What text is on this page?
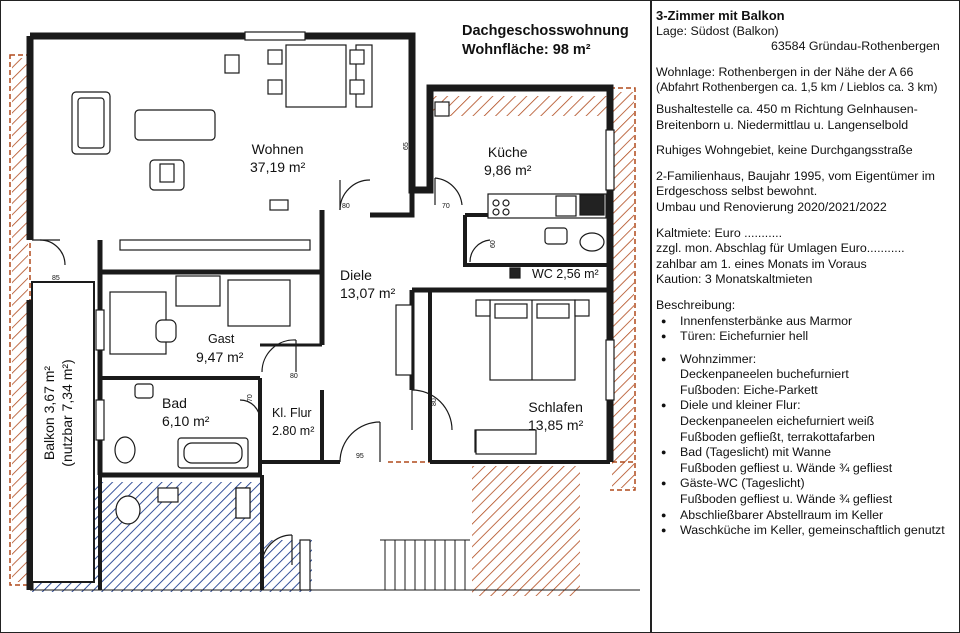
65
80	70
60
85
80
70
80
95
Dachgeschosswohnung
Wohnfläche: 98 m²
Wohnen
37,19 m²
Küche
9,86 m²
Diele
13,07 m²
WC 2,56 m²
Gast
9,47 m²
Bad
6,10 m²	Kl. Flur
2.80 m²
Schlafen
13,85 m²
Balkon 3,67 m² (nutzbar 7,34 m²)

3-Zimmer mit Balkon

Lage: Südost (Balkon)

63584 Gründau-Rothenbergen

Wohnlage: Rothenbergen in der Nähe der A 66

(Abfahrt Rothenbergen ca. 1,5 km / Lieblos ca. 3 km)

Bushaltestelle ca. 450 m Richtung Gelnhausen-

Breitenborn u. Niedermittlau u. Langenselbold

Ruhiges Wohngebiet, keine Durchgangsstraße

2-Familienhaus, Baujahr 1995, vom Eigentümer im

Erdgeschoss selbst bewohnt.

Umbau und Renovierung 2020/2021/2022

Kaltmiete: Euro ...........

zzgl. mon. Abschlag für Umlagen Euro...........

zahlbar am 1. eines Monats im Voraus

Kaution: 3 Monatskaltmieten

Beschreibung:

● Innenfensterbänke aus Marmor
● Türen: Eichefurnier hell
● Wohnzimmer:
Deckenpaneelen buchefurniert
Fußboden: Eiche-Parkett
● Diele und kleiner Flur:
Deckenpaneelen eichefurniert weiß
Fußboden gefließt, terrakottafarben
● Bad (Tageslicht) mit Wanne
Fußboden gefliest u. Wände ¾ gefliest
● Gäste-WC (Tageslicht)
Fußboden gefliest u. Wände ¾ gefliest
● Abschließbarer Abstellraum im Keller
● Waschküche im Keller, gemeinschaftlich genutzt
